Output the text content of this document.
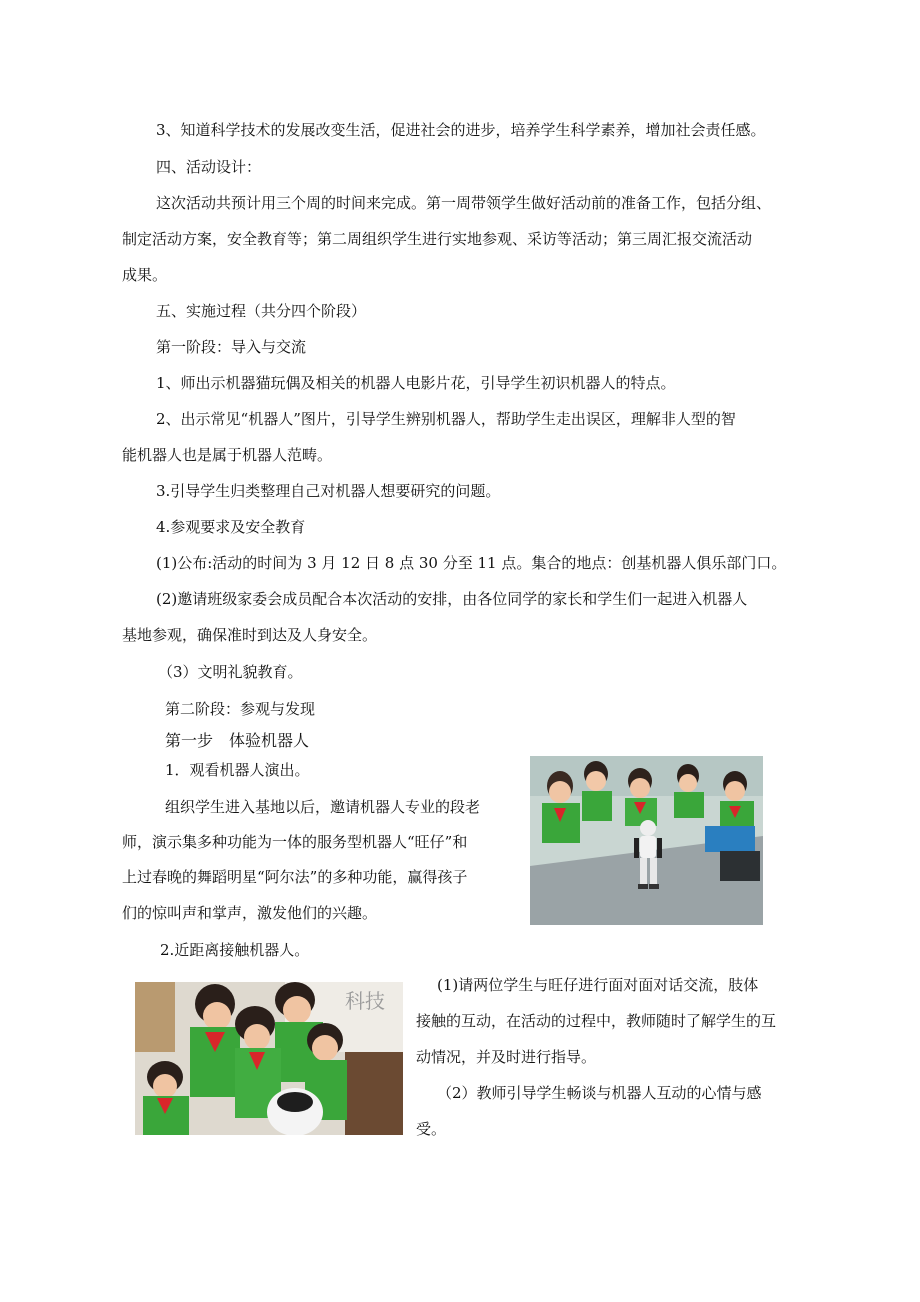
3、知道科学技术的发展改变生活，促进社会的进步，培养学生科学素养，增加社会责任感。
四、活动设计：
这次活动共预计用三个周的时间来完成。第一周带领学生做好活动前的准备工作，包括分组、
制定活动方案，安全教育等；第二周组织学生进行实地参观、采访等活动；第三周汇报交流活动
成果。
五、实施过程（共分四个阶段）
第一阶段：导入与交流
1、师出示机器猫玩偶及相关的机器人电影片花，引导学生初识机器人的特点。
2、出示常见“机器人”图片，引导学生辨别机器人，帮助学生走出误区，理解非人型的智
能机器人也是属于机器人范畴。
3.引导学生归类整理自己对机器人想要研究的问题。
4.参观要求及安全教育
(1)公布:活动的时间为 3 月 12 日 8 点 30 分至 11 点。集合的地点：创基机器人俱乐部门口。
(2)邀请班级家委会成员配合本次活动的安排，由各位同学的家长和学生们一起进入机器人
基地参观，确保准时到达及人身安全。
（3）文明礼貌教育。
第二阶段：参观与发现
第一步　体验机器人
1．观看机器人演出。
组织学生进入基地以后，邀请机器人专业的段老
师，演示集多种功能为一体的服务型机器人“旺仔”和
上过春晚的舞蹈明星“阿尔法”的多种功能，赢得孩子
们的惊叫声和掌声，激发他们的兴趣。
2.近距离接触机器人。
(1)请两位学生与旺仔进行面对面对话交流，肢体
接触的互动，在活动的过程中，教师随时了解学生的互
动情况，并及时进行指导。
（2）教师引导学生畅谈与机器人互动的心情与感
受。
科技
